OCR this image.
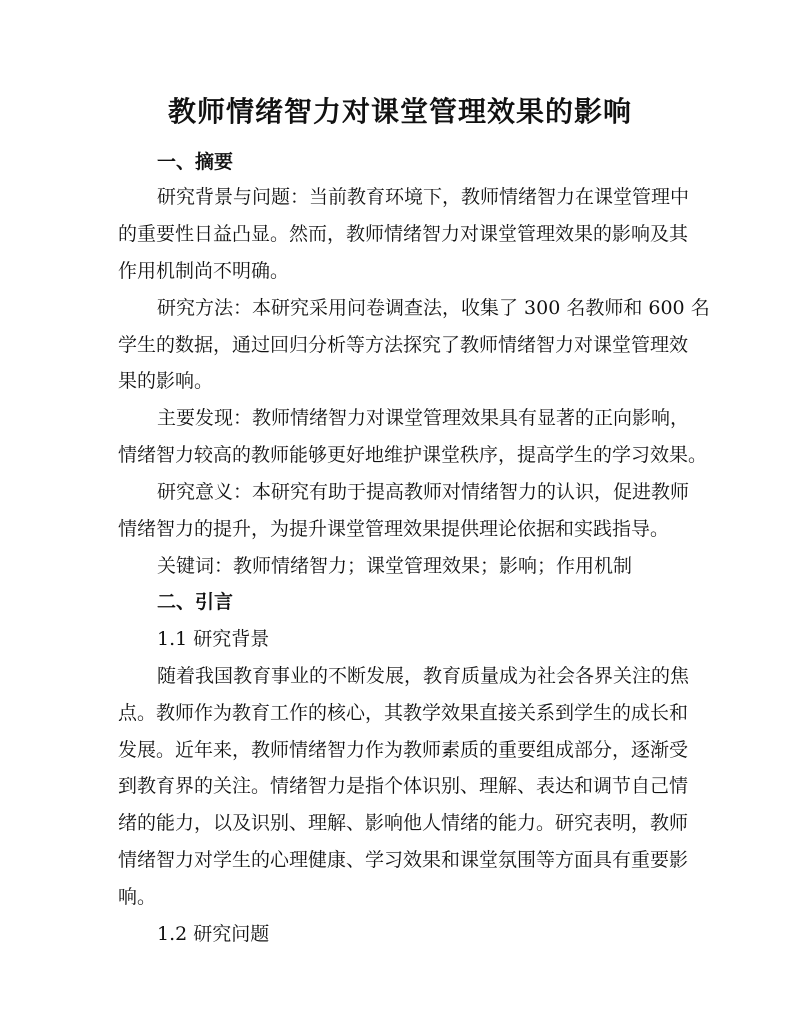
教师情绪智力对课堂管理效果的影响
一、摘要
研究背景与问题：当前教育环境下，教师情绪智力在课堂管理中
的重要性日益凸显。然而，教师情绪智力对课堂管理效果的影响及其
作用机制尚不明确。
研究方法：本研究采用问卷调查法，收集了 300 名教师和 600 名
学生的数据，通过回归分析等方法探究了教师情绪智力对课堂管理效
果的影响。
主要发现：教师情绪智力对课堂管理效果具有显著的正向影响，
情绪智力较高的教师能够更好地维护课堂秩序，提高学生的学习效果。
研究意义：本研究有助于提高教师对情绪智力的认识，促进教师
情绪智力的提升，为提升课堂管理效果提供理论依据和实践指导。
关键词：教师情绪智力；课堂管理效果；影响；作用机制
二、引言
1.1 研究背景
随着我国教育事业的不断发展，教育质量成为社会各界关注的焦
点。教师作为教育工作的核心，其教学效果直接关系到学生的成长和
发展。近年来，教师情绪智力作为教师素质的重要组成部分，逐渐受
到教育界的关注。情绪智力是指个体识别、理解、表达和调节自己情
绪的能力，以及识别、理解、影响他人情绪的能力。研究表明，教师
情绪智力对学生的心理健康、学习效果和课堂氛围等方面具有重要影
响。
1.2 研究问题
